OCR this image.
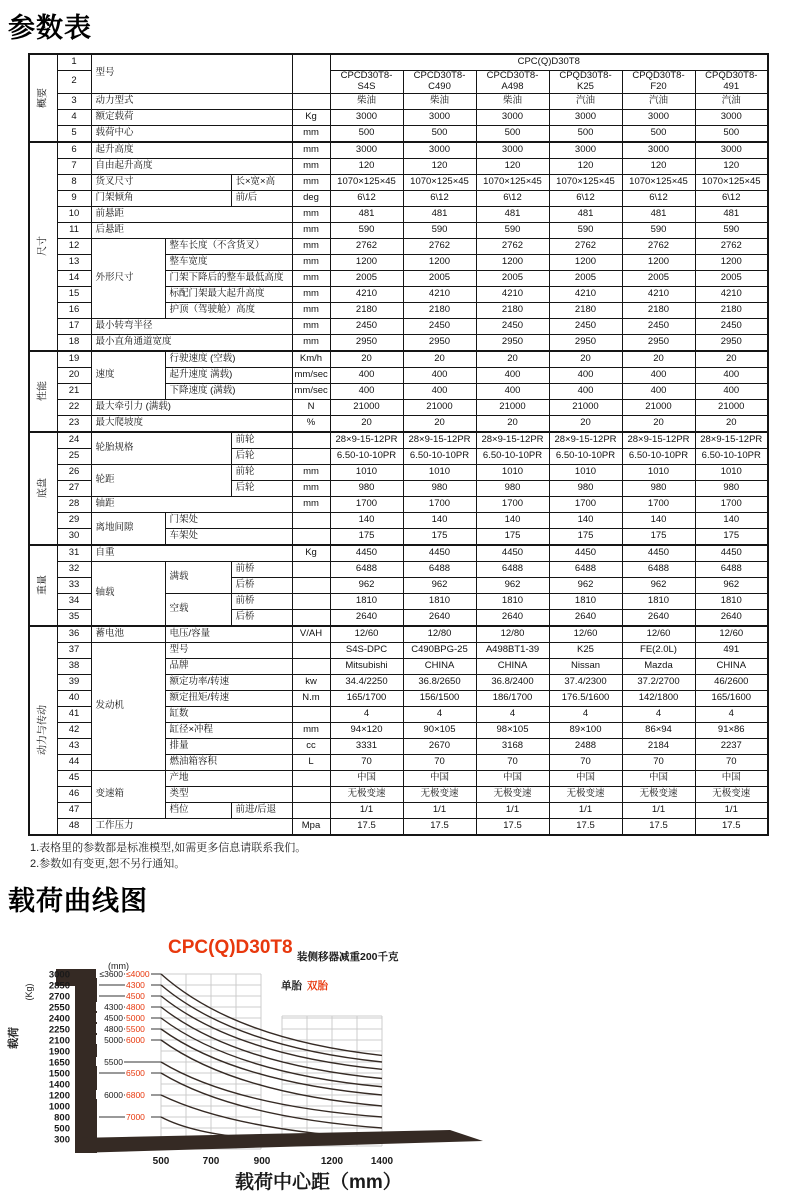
参数表
概要	1	型号				CPC(Q)D30T8					
	2					CPCD30T8-S4S	CPCD30T8-C490	CPCD30T8-A498	CPQD30T8-K25	CPQD30T8-F20	CPQD30T8-491
	3	动力型式				柴油	柴油	柴油	汽油	汽油	汽油
	4	额定载荷			Kg	3000	3000	3000	3000	3000	3000
	5	载荷中心			mm	500	500	500	500	500	500

尺寸	6	起升高度			mm	3000	3000	3000	3000	3000	3000
	7	自由起升高度			mm	120	120	120	120	120	120
	8	货叉尺寸		长×宽×高	mm	1070×125×45	1070×125×45	1070×125×45	1070×125×45	1070×125×45	1070×125×45
	9	门架倾角		前/后	deg	6\12	6\12	6\12	6\12	6\12	6\12
	10	前悬距			mm	481	481	481	481	481	481
	11	后悬距			mm	590	590	590	590	590	590
	12	外形尺寸	整车长度（不含货叉）		mm	2762	2762	2762	2762	2762	2762
	13		整车宽度		mm	1200	1200	1200	1200	1200	1200
	14		门架下降后的整车最低高度		mm	2005	2005	2005	2005	2005	2005
	15		标配门架最大起升高度		mm	4210	4210	4210	4210	4210	4210
	16		护顶（驾驶舱）高度		mm	2180	2180	2180	2180	2180	2180
	17	最小转弯半径			mm	2450	2450	2450	2450	2450	2450
	18	最小直角通道宽度			mm	2950	2950	2950	2950	2950	2950

性能	19	速度	行驶速度 (空载)		Km/h	20	20	20	20	20	20
	20		起升速度 满载)		mm/sec	400	400	400	400	400	400
	21		下降速度 (满载)		mm/sec	400	400	400	400	400	400
	22	最大牵引力 (满载)			N	21000	21000	21000	21000	21000	21000
	23	最大爬坡度			%	20	20	20	20	20	20

底盘	24	轮胎规格		前轮		28×9-15-12PR	28×9-15-12PR	28×9-15-12PR	28×9-15-12PR	28×9-15-12PR	28×9-15-12PR
	25			后轮		6.50-10-10PR	6.50-10-10PR	6.50-10-10PR	6.50-10-10PR	6.50-10-10PR	6.50-10-10PR
	26	轮距		前轮	mm	1010	1010	1010	1010	1010	1010
	27			后轮	mm	980	980	980	980	980	980
	28	轴距			mm	1700	1700	1700	1700	1700	1700
	29	离地间隙	门架处			140	140	140	140	140	140
	30		车架处			175	175	175	175	175	175

重量	31	自重			Kg	4450	4450	4450	4450	4450	4450
	32	轴载	满载	前桥		6488	6488	6488	6488	6488	6488
	33			后桥		962	962	962	962	962	962
	34		空载	前桥		1810	1810	1810	1810	1810	1810
	35			后桥		2640	2640	2640	2640	2640	2640

动力与传动	36	蓄电池	电压/容量		V/AH	12/60	12/80	12/80	12/60	12/60	12/60
	37	发动机	型号			S4S-DPC	C490BPG-25	A498BT1-39	K25	FE(2.0L)	491
	38		品牌			Mitsubishi	CHINA	CHINA	Nissan	Mazda	CHINA
	39		额定功率/转速		kw	34.4/2250	36.8/2650	36.8/2400	37.4/2300	37.2/2700	46/2600
	40		额定扭矩/转速		N.m	165/1700	156/1500	186/1700	176.5/1600	142/1800	165/1600
	41		缸数			4	4	4	4	4	4
	42		缸径×冲程		mm	94×120	90×105	98×105	89×100	86×94	91×86
	43		排量		cc	3331	2670	3168	2488	2184	2237
	44		燃油箱容积		L	70	70	70	70	70	70
	45	变速箱	产地			中国	中国	中国	中国	中国	中国
	46		类型			无极变速	无极变速	无极变速	无极变速	无极变速	无极变速
	47		档位	前进/后退		1/1	1/1	1/1	1/1	1/1	1/1
	48	工作压力			Mpa	17.5	17.5	17.5	17.5	17.5	17.5

1.表格里的参数都是标准模型,如需更多信息请联系我们。

2.参数如有变更,恕不另行通知。

载荷曲线图
≤3600 ≤4000
4300
4500
4300 4800
4500 5000
4800 5500
5000 6000
5500
6500
6000 6800
7000
3000
2850
2700
2550
2400
2250
2100
1900
1650
1500
1400
1200
1000
800
500
300
500	700	900	1200	1400
CPC(Q)D30T8
(mm)
装侧移器减重200千克
单胎 双胎
载荷中心距（mm）
(Kg)
载荷
